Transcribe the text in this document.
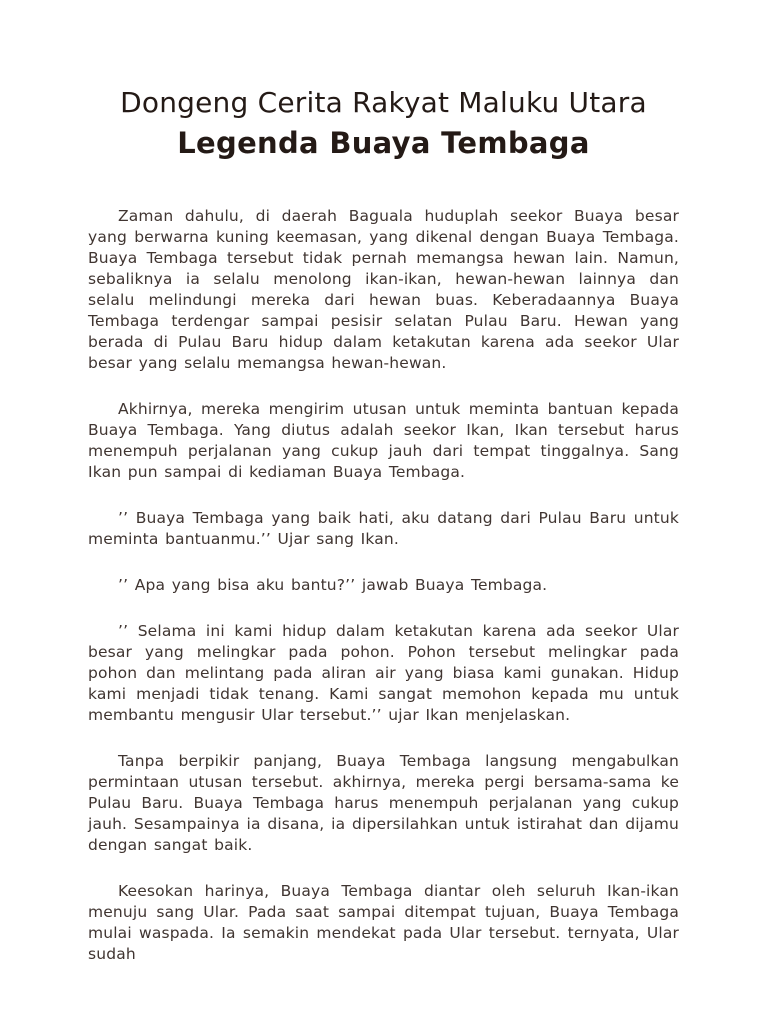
Dongeng Cerita Rakyat Maluku Utara
Legenda Buaya Tembaga

Zaman dahulu, di daerah Baguala huduplah seekor Buaya besar yang berwarna kuning keemasan, yang dikenal dengan Buaya Tembaga. Buaya Tembaga tersebut tidak pernah memangsa hewan lain. Namun, sebaliknya ia selalu menolong ikan-ikan, hewan-hewan lainnya dan selalu melindungi mereka dari hewan buas. Keberadaannya Buaya Tembaga terdengar sampai pesisir selatan Pulau Baru. Hewan yang berada di Pulau Baru hidup dalam ketakutan karena ada seekor Ular besar yang selalu memangsa hewan-hewan.

Akhirnya, mereka mengirim utusan untuk meminta bantuan kepada Buaya Tembaga. Yang diutus adalah seekor Ikan, Ikan tersebut harus menempuh perjalanan yang cukup jauh dari tempat tinggalnya. Sang Ikan pun sampai di kediaman Buaya Tembaga.

’’ Buaya Tembaga yang baik hati, aku datang dari Pulau Baru untuk meminta bantuanmu.’’ Ujar sang Ikan.

’’ Apa yang bisa aku bantu?’’ jawab Buaya Tembaga.

’’ Selama ini kami hidup dalam ketakutan karena ada seekor Ular besar yang melingkar pada pohon. Pohon tersebut melingkar pada pohon dan melintang pada aliran air yang biasa kami gunakan. Hidup kami menjadi tidak tenang. Kami sangat memohon kepada mu untuk membantu mengusir Ular tersebut.’’ ujar Ikan menjelaskan.

Tanpa berpikir panjang, Buaya Tembaga langsung mengabulkan permintaan utusan tersebut. akhirnya, mereka pergi bersama-sama ke Pulau Baru. Buaya Tembaga harus menempuh perjalanan yang cukup jauh. Sesampainya ia disana, ia dipersilahkan untuk istirahat dan dijamu dengan sangat baik.

Keesokan harinya, Buaya Tembaga diantar oleh seluruh Ikan-ikan menuju sang Ular. Pada saat sampai ditempat tujuan, Buaya Tembaga mulai waspada. Ia semakin mendekat pada Ular tersebut. ternyata, Ular sudah
